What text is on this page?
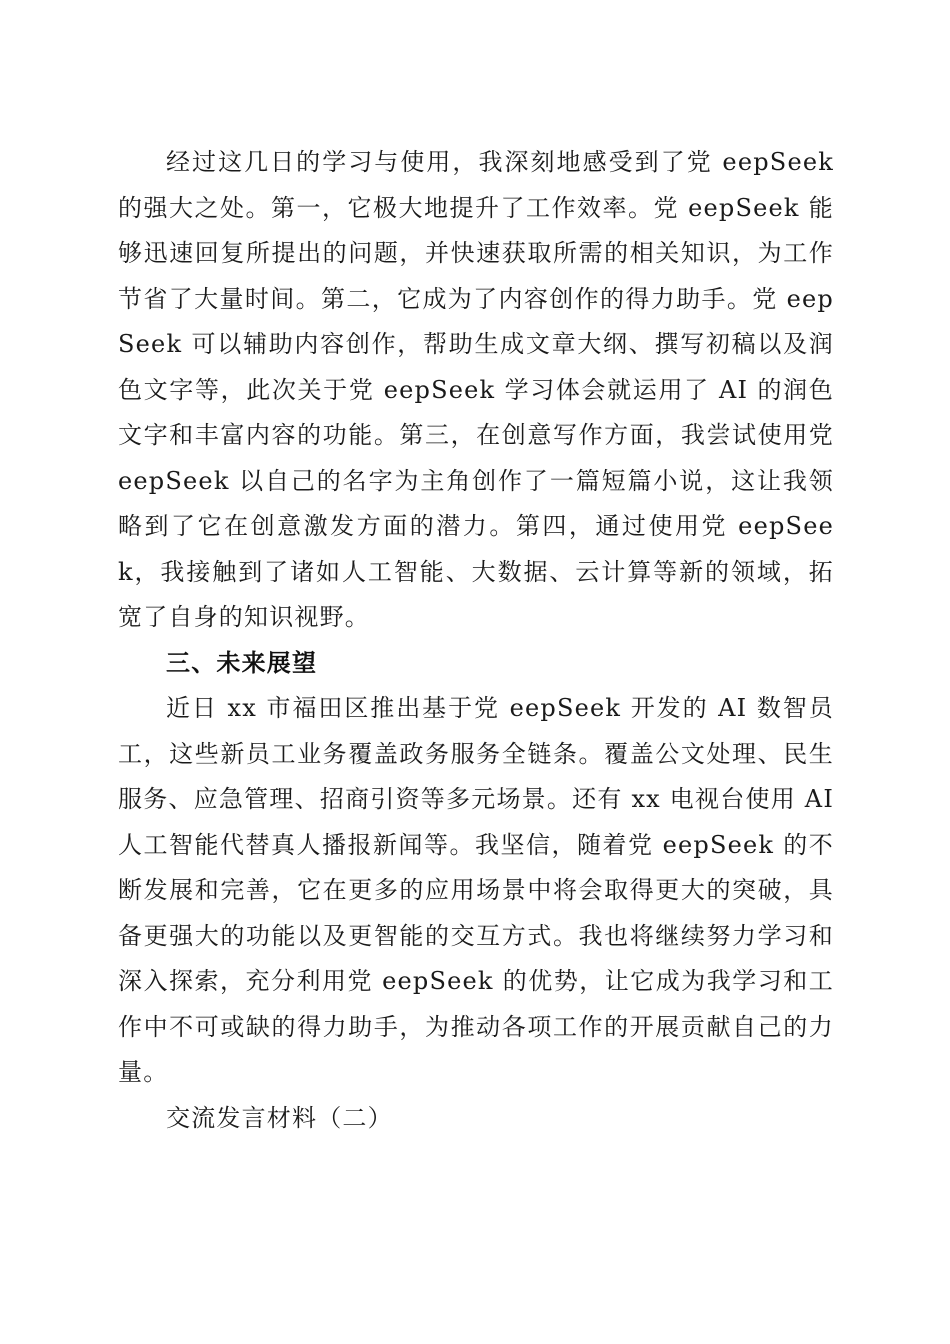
经过这几日的学习与使用，我深刻地感受到了党 eepSeek 的强大之处。第一，它极大地提升了工作效率。党 eepSeek 能够迅速回复所提出的问题，并快速获取所需的相关知识，为工作节省了大量时间。第二，它成为了内容创作的得力助手。党 eepSeek 可以辅助内容创作，帮助生成文章大纲、撰写初稿以及润色文字等，此次关于党 eepSeek 学习体会就运用了 AI 的润色文字和丰富内容的功能。第三，在创意写作方面，我尝试使用党 eepSeek 以自己的名字为主角创作了一篇短篇小说，这让我领略到了它在创意激发方面的潜力。第四，通过使用党 eepSeek，我接触到了诸如人工智能、大数据、云计算等新的领域，拓宽了自身的知识视野。

三、未来展望

近日 xx 市福田区推出基于党 eepSeek 开发的 AI 数智员工，这些新员工业务覆盖政务服务全链条。覆盖公文处理、民生服务、应急管理、招商引资等多元场景。还有 xx 电视台使用 AI 人工智能代替真人播报新闻等。我坚信，随着党 eepSeek 的不断发展和完善，它在更多的应用场景中将会取得更大的突破，具备更强大的功能以及更智能的交互方式。我也将继续努力学习和深入探索，充分利用党 eepSeek 的优势，让它成为我学习和工作中不可或缺的得力助手，为推动各项工作的开展贡献自己的力量。

交流发言材料（二）
